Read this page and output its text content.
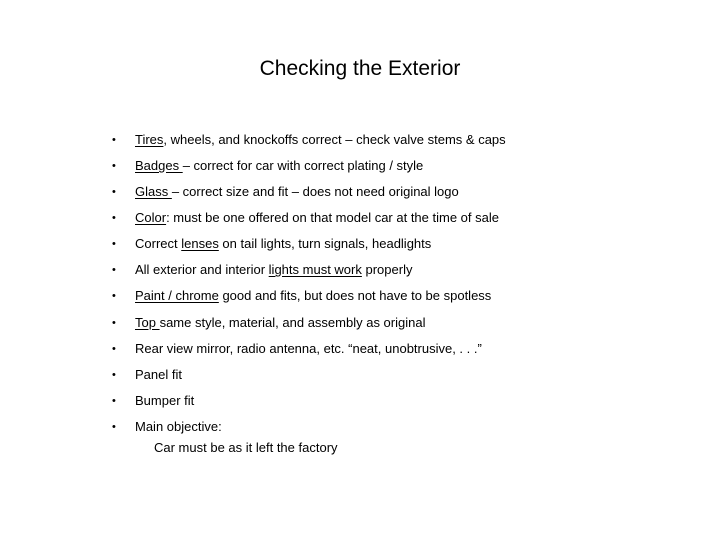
Checking the Exterior
• Tires, wheels, and knockoffs correct – check valve stems & caps
• Badges – correct for car with correct plating / style
• Glass – correct size and fit – does not need original logo
• Color: must be one offered on that model car at the time of sale
• Correct lenses on tail lights, turn signals, headlights
• All exterior and interior lights must work properly
• Paint / chrome good and fits, but does not have to be spotless
• Top same style, material, and assembly as original
• Rear view mirror, radio antenna, etc. “neat, unobtrusive, . . .”
• Panel fit
• Bumper fit
• Main objective:
Car must be as it left the factory
